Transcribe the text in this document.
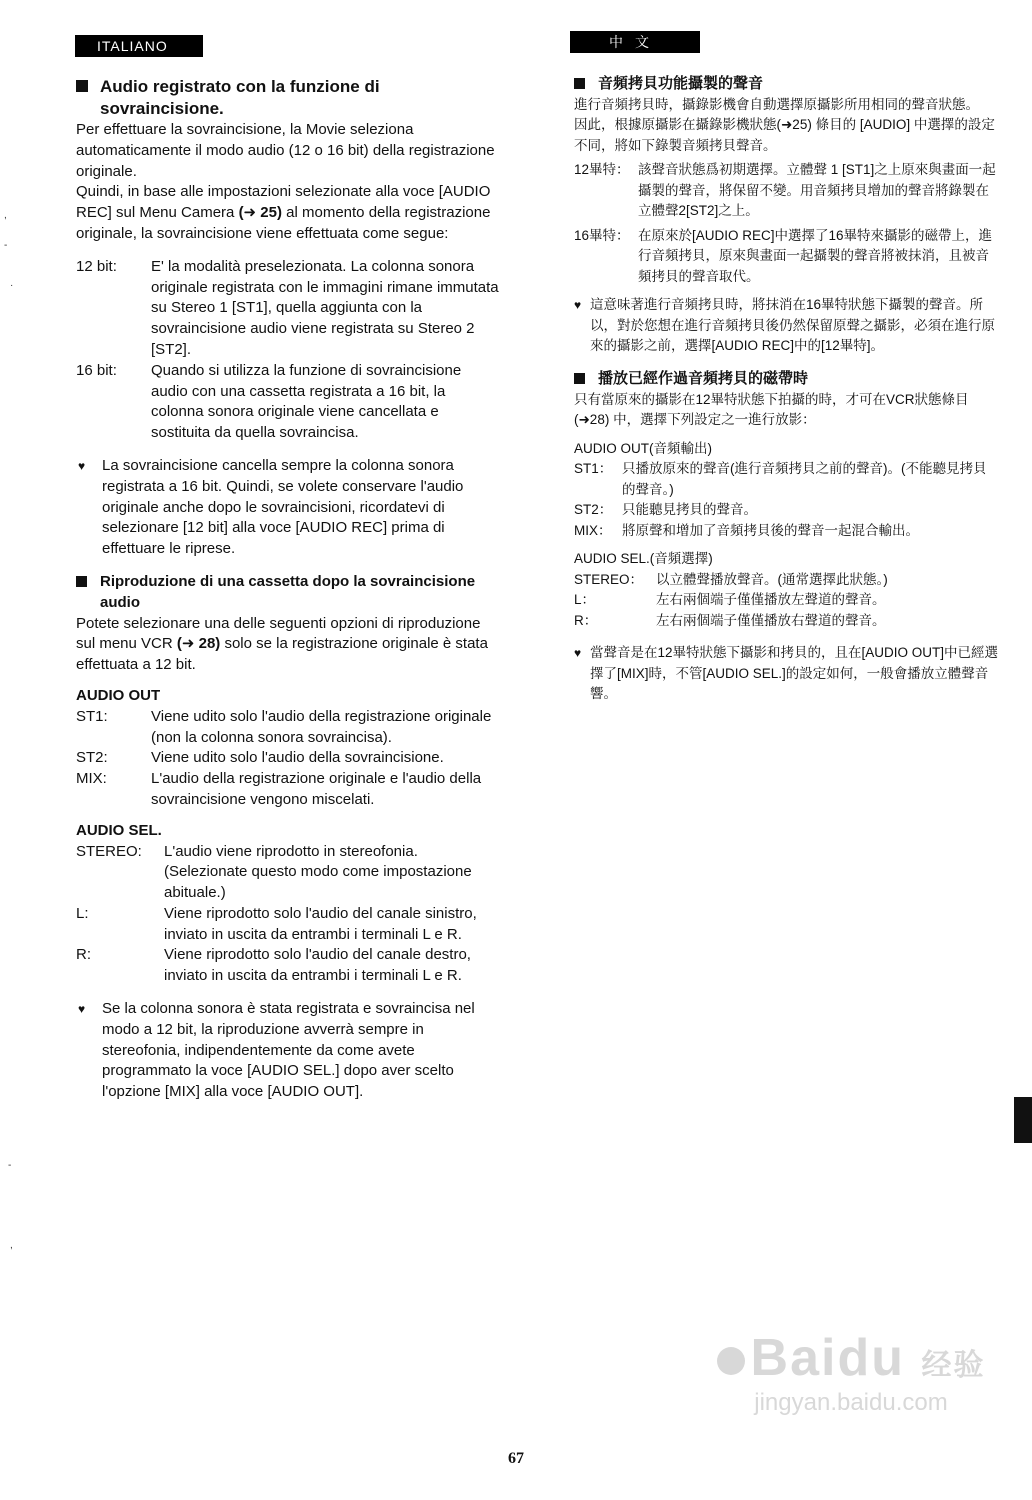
ITALIANO	中文
Audio registrato con la funzione di sovraincisione.

Per effettuare la sovraincisione, la Movie seleziona automaticamente il modo audio (12 o 16 bit) della registrazione originale.

Quindi, in base alle impostazioni selezionate alla voce [AUDIO REC] sul Menu Camera (➜ 25) al momento della registrazione originale, la sovraincisione viene effettuata come segue:

12 bit:	E' la modalità preselezionata. La colonna sonora originale registrata con le immagini rimane immutata su Stereo 1 [ST1], quella aggiunta con la sovraincisione audio viene registrata su Stereo 2 [ST2].
16 bit:	Quando si utilizza la funzione di sovraincisione audio con una cassetta registrata a 16 bit, la colonna sonora originale viene cancellata e sostituita da quella sovraincisa.
♥ La sovraincisione cancella sempre la colonna sonora registrata a 16 bit. Quindi, se volete conservare l'audio originale anche dopo le sovraincisioni, ricordatevi di selezionare [12 bit] alla voce [AUDIO REC] prima di effettuare le riprese.
Riproduzione di una cassetta dopo la sovraincisione audio

Potete selezionare una delle seguenti opzioni di riproduzione sul menu VCR (➜ 28) solo se la registrazione originale è stata effettuata a 12 bit.

AUDIO OUT
ST1:	Viene udito solo l'audio della registrazione originale (non la colonna sonora sovraincisa).
ST2:	Viene udito solo l'audio della sovraincisione.
MIX:	L'audio della registrazione originale e l'audio della sovraincisione vengono miscelati.
AUDIO SEL.
STEREO:	L'audio viene riprodotto in stereofonia. (Selezionate questo modo come impostazione abituale.)
L:	Viene riprodotto solo l'audio del canale sinistro, inviato in uscita da entrambi i terminali L e R.
R:	Viene riprodotto solo l'audio del canale destro, inviato in uscita da entrambi i terminali L e R.
♥ Se la colonna sonora è stata registrata e sovraincisa nel modo a 12 bit, la riproduzione avverrà sempre in stereofonia, indipendentemente da come avete programmato la voce [AUDIO SEL.] dopo aver scelto l'opzione [MIX] alla voce [AUDIO OUT].
音頻拷貝功能攝製的聲音

進行音頻拷貝時，攝錄影機會自動選擇原攝影所用相同的聲音狀態。

因此，根據原攝影在攝錄影機狀態(➜25) 條目的 [AUDIO] 中選擇的設定不同，將如下錄製音頻拷貝聲音。

12畢特： 該聲音狀態爲初期選擇。立體聲 1 [ST1]之上原來與畫面一起攝製的聲音，將保留不變。用音頻拷貝增加的聲音將錄製在立體聲2[ST2]之上。
16畢特： 在原來於[AUDIO REC]中選擇了16畢特來攝影的磁帶上，進行音頻拷貝，原來與畫面一起攝製的聲音將被抹消，且被音頻拷貝的聲音取代。
♥ 這意味著進行音頻拷貝時，將抹消在16畢特狀態下攝製的聲音。所以，對於您想在進行音頻拷貝後仍然保留原聲之攝影，必須在進行原來的攝影之前，選擇[AUDIO REC]中的[12畢特]。
播放已經作過音頻拷貝的磁帶時

只有當原來的攝影在12畢特狀態下拍攝的時，才可在VCR狀態條目(➜28) 中，選擇下列設定之一進行放影：

AUDIO OUT(音頻輸出)
ST1： 只播放原來的聲音(進行音頻拷貝之前的聲音)。(不能聽見拷貝的聲音。)
ST2： 只能聽見拷貝的聲音。
MIX： 將原聲和增加了音頻拷貝後的聲音一起混合輸出。
AUDIO SEL.(音頻選擇)
STEREO： 以立體聲播放聲音。(通常選擇此狀態。)
L：	左右兩個端子僅僅播放左聲道的聲音。
R：	左右兩個端子僅僅播放右聲道的聲音。
♥ 當聲音是在12畢特狀態下攝影和拷貝的，且在[AUDIO OUT]中已經選擇了[MIX]時，不管[AUDIO SEL.]的設定如何，一般會播放立體聲音響。
,
-
·
-
,
67
Baidu 经验
jingyan.baidu.com
